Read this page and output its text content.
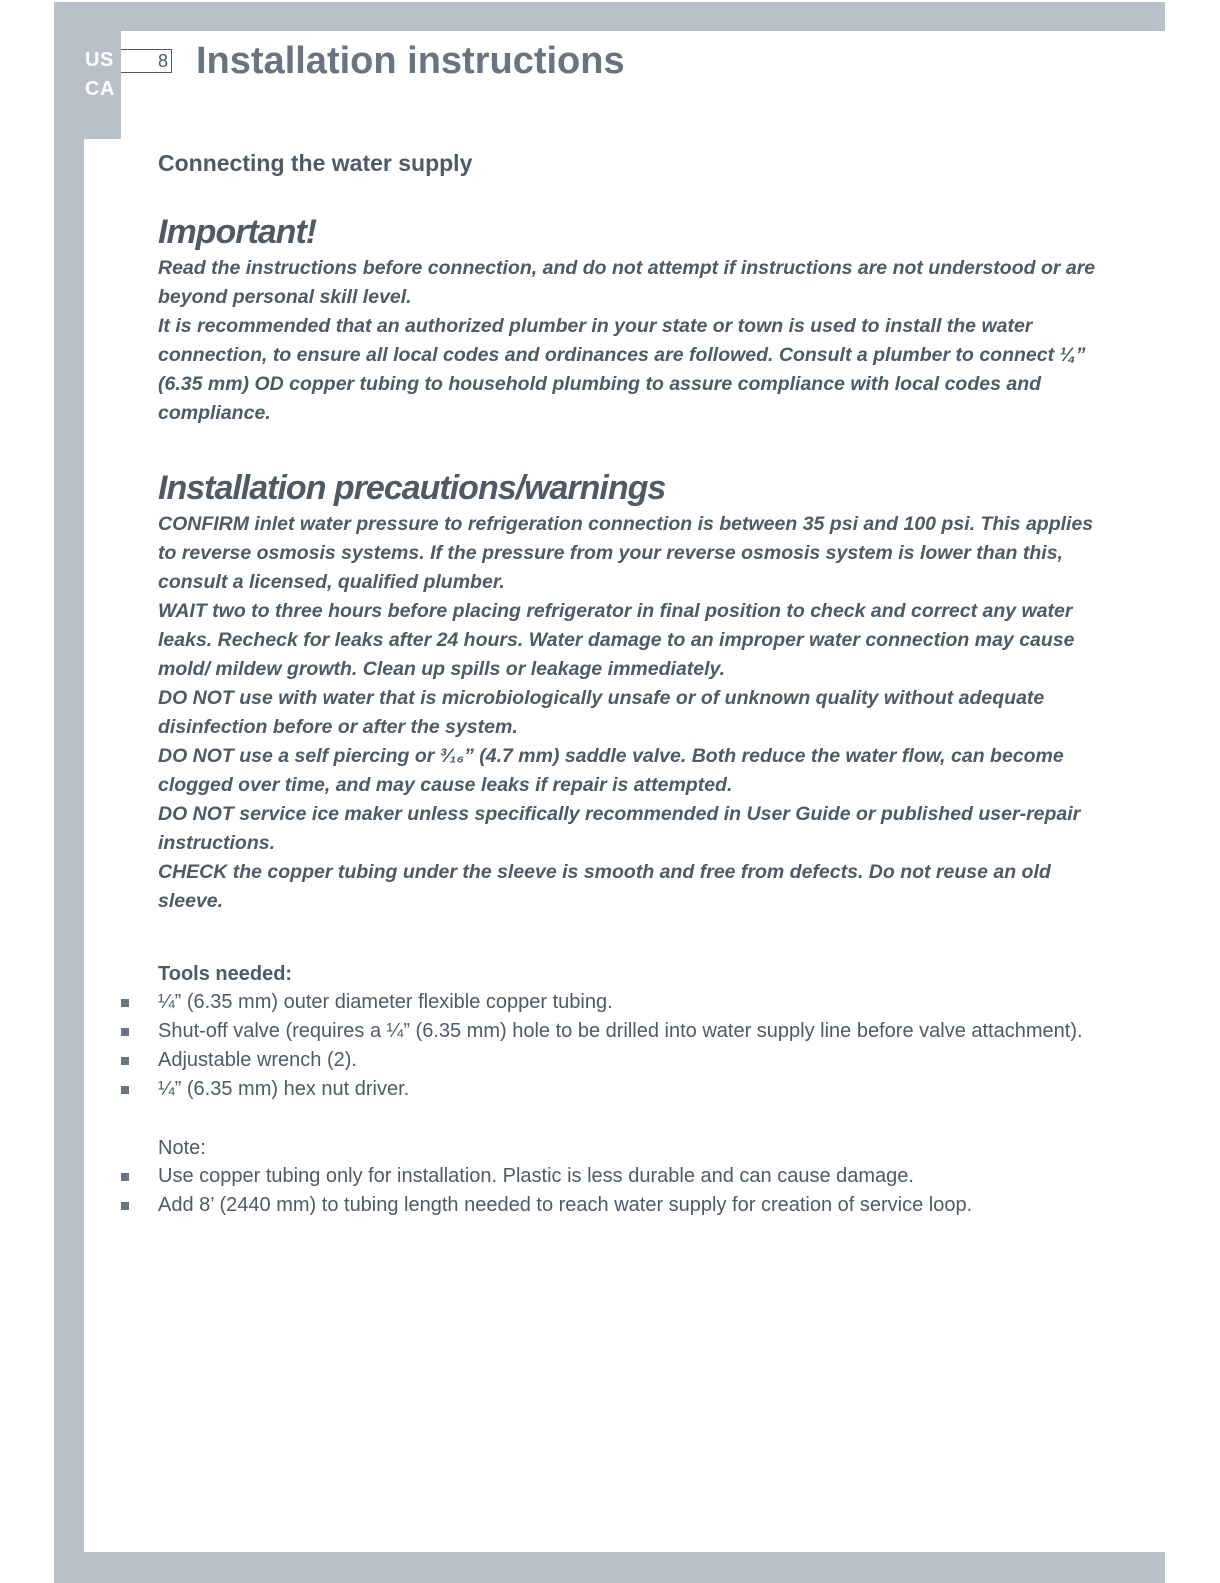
US
CA
8 Installation instructions
Connecting the water supply
Important!

Read the instructions before connection, and do not attempt if instructions are not understood or are beyond personal skill level.

It is recommended that an authorized plumber in your state or town is used to install the water connection, to ensure all local codes and ordinances are followed. Consult a plumber to connect ¼” (6.35 mm) OD copper tubing to household plumbing to assure compliance with local codes and compliance.

Installation precautions/warnings

CONFIRM inlet water pressure to refrigeration connection is between 35 psi and 100 psi. This applies to reverse osmosis systems. If the pressure from your reverse osmosis system is lower than this, consult a licensed, qualified plumber.

WAIT two to three hours before placing refrigerator in final position to check and correct any water leaks. Recheck for leaks after 24 hours. Water damage to an improper water connection may cause mold/ mildew growth. Clean up spills or leakage immediately.

DO NOT use with water that is microbiologically unsafe or of unknown quality without adequate disinfection before or after the system.

DO NOT use a self piercing or ³⁄₁₆” (4.7 mm) saddle valve. Both reduce the water flow, can become clogged over time, and may cause leaks if repair is attempted.

DO NOT service ice maker unless specifically recommended in User Guide or published user-repair instructions.

CHECK the copper tubing under the sleeve is smooth and free from defects. Do not reuse an old sleeve.

Tools needed:
¼” (6.35 mm) outer diameter flexible copper tubing.
Shut-off valve (requires a ¼” (6.35 mm) hole to be drilled into water supply line before valve attachment).
Adjustable wrench (2).
¼” (6.35 mm) hex nut driver.
Note:
Use copper tubing only for installation. Plastic is less durable and can cause damage.
Add 8’ (2440 mm) to tubing length needed to reach water supply for creation of service loop.
